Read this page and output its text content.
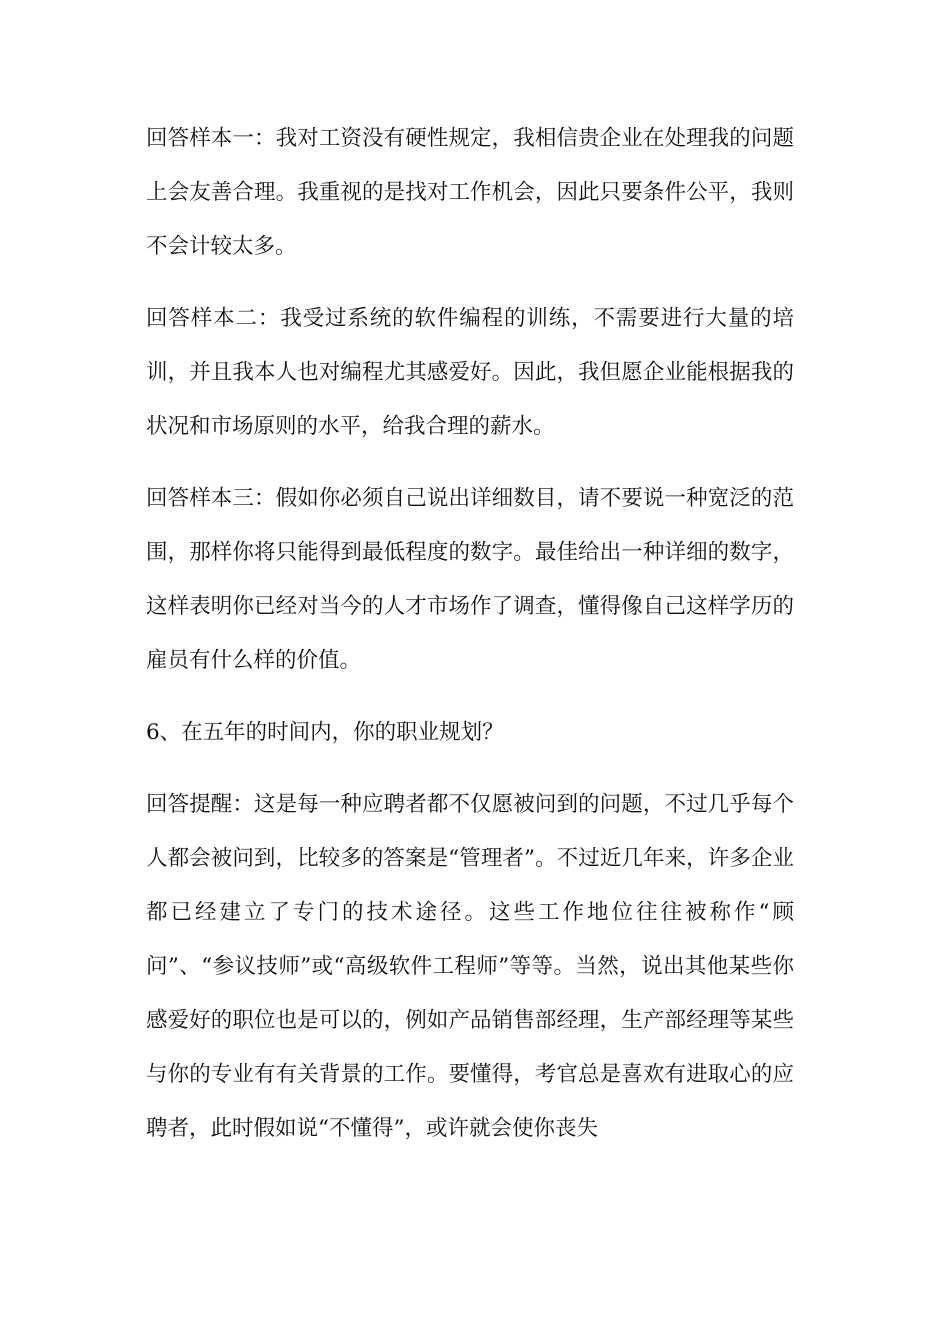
回答样本一：我对工资没有硬性规定，我相信贵企业在处理我的问题上会友善合理。我重视的是找对工作机会，因此只要条件公平，我则不会计较太多。

回答样本二：我受过系统的软件编程的训练，不需要进行大量的培训，并且我本人也对编程尤其感爱好。因此，我但愿企业能根据我的状况和市场原则的水平，给我合理的薪水。

回答样本三：假如你必须自己说出详细数目，请不要说一种宽泛的范围，那样你将只能得到最低程度的数字。最佳给出一种详细的数字，这样表明你已经对当今的人才市场作了调查，懂得像自己这样学历的雇员有什么样的价值。

6、在五年的时间内，你的职业规划？

回答提醒：这是每一种应聘者都不仅愿被问到的问题，不过几乎每个人都会被问到，比较多的答案是“管理者”。不过近几年来，许多企业都已经建立了专门的技术途径。这些工作地位往往被称作“顾问”、“参议技师”或“高级软件工程师”等等。当然，说出其他某些你感爱好的职位也是可以的，例如产品销售部经理，生产部经理等某些与你的专业有有关背景的工作。要懂得，考官总是喜欢有进取心的应聘者，此时假如说“不懂得”，或许就会使你丧失
